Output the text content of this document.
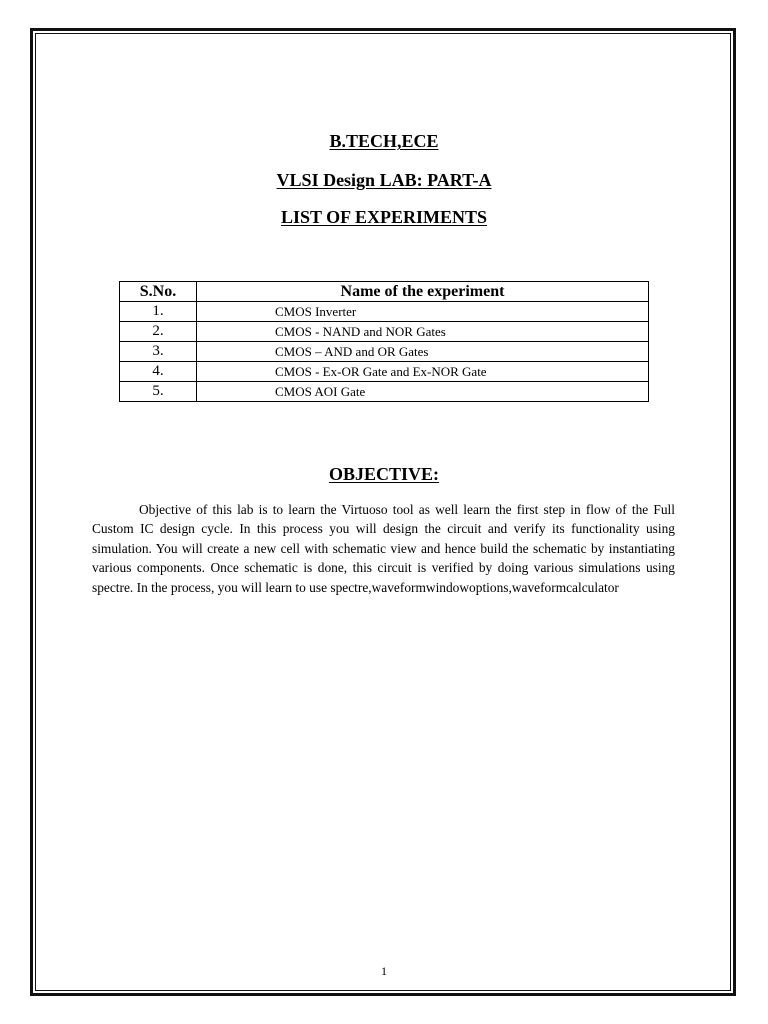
B.TECH,ECE
VLSI Design LAB: PART-A
LIST OF EXPERIMENTS
S.No.	Name of the experiment
1.	CMOS Inverter
2.	CMOS - NAND and NOR Gates
3.	CMOS – AND and OR Gates
4.	CMOS - Ex-OR Gate and Ex-NOR Gate
5.	CMOS AOI Gate
OBJECTIVE:

Objective of this lab is to learn the Virtuoso tool as well learn the first step in flow of the Full Custom IC design cycle. In this process you will design the circuit and verify its functionality using simulation. You will create a new cell with schematic view and hence build the schematic by instantiating various components. Once schematic is done, this circuit is verified by doing various simulations using spectre. In the process, you will learn to use spectre,waveformwindowoptions,waveformcalculator

1
